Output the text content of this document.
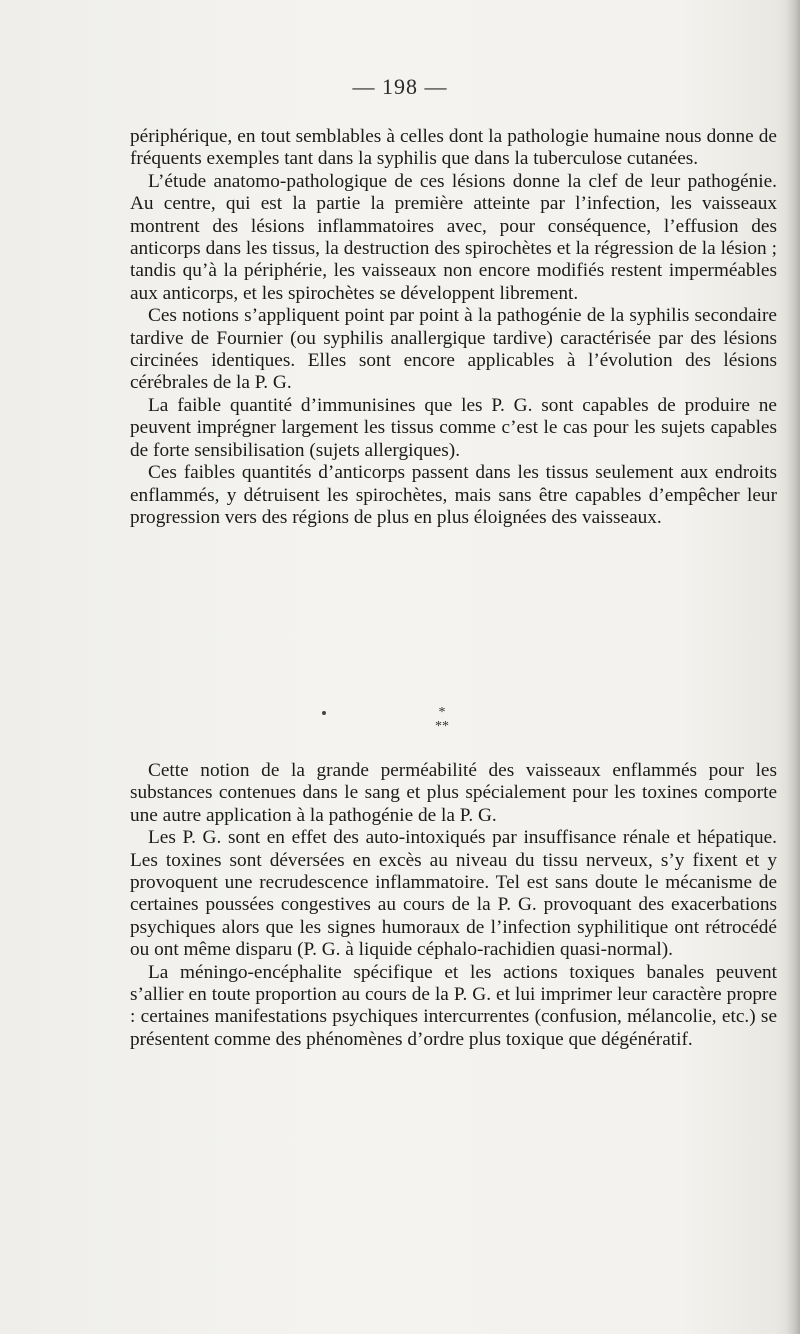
— 198 —

périphérique, en tout semblables à celles dont la pathologie humaine nous donne de fréquents exemples tant dans la syphilis que dans la tuberculose cutanées.

L’étude anatomo-pathologique de ces lésions donne la clef de leur pathogénie. Au centre, qui est la partie la première atteinte par l’infection, les vaisseaux montrent des lésions inflammatoires avec, pour conséquence, l’effusion des anticorps dans les tissus, la destruction des spirochètes et la régression de la lésion ; tandis qu’à la périphérie, les vaisseaux non encore modifiés restent imperméables aux anticorps, et les spirochètes se développent librement.

Ces notions s’appliquent point par point à la pathogénie de la syphilis secondaire tardive de Fournier (ou syphilis anallergique tardive) caractérisée par des lésions circinées identiques. Elles sont encore applicables à l’évolution des lésions cérébrales de la P. G.

La faible quantité d’immunisines que les P. G. sont capables de produire ne peuvent imprégner largement les tissus comme c’est le cas pour les sujets capables de forte sensibilisation (sujets allergiques).

Ces faibles quantités d’anticorps passent dans les tissus seulement aux endroits enflammés, y détruisent les spirochètes, mais sans être capables d’empêcher leur progression vers des régions de plus en plus éloignées des vaisseaux.

*
**

Cette notion de la grande perméabilité des vaisseaux enflammés pour les substances contenues dans le sang et plus spécialement pour les toxines comporte une autre application à la pathogénie de la P. G.

Les P. G. sont en effet des auto-intoxiqués par insuffisance rénale et hépatique. Les toxines sont déversées en excès au niveau du tissu nerveux, s’y fixent et y provoquent une recrudescence inflammatoire. Tel est sans doute le mécanisme de certaines poussées congestives au cours de la P. G. provoquant des exacerbations psychiques alors que les signes humoraux de l’infection syphilitique ont rétrocédé ou ont même disparu (P. G. à liquide céphalo-rachidien quasi-normal).

La méningo-encéphalite spécifique et les actions toxiques banales peuvent s’allier en toute proportion au cours de la P. G. et lui imprimer leur caractère propre : certaines manifestations psychiques intercurrentes (confusion, mélancolie, etc.) se présentent comme des phénomènes d’ordre plus toxique que dégénératif.
